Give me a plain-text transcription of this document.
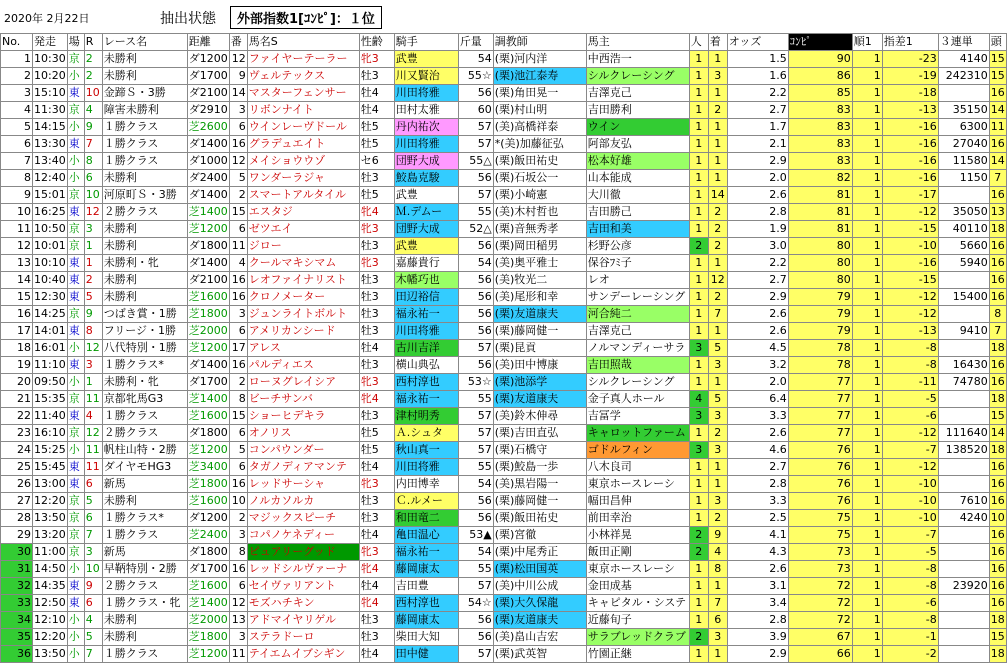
2020年 2月22日	抽出状態	外部指数1[ｺﾝﾋﾟ]：１位
No.	発走	場	R	レース名	距離	番	馬名S	性齢	騎手	斤量	調教師	馬主	人	着	オッズ	ｺﾝﾋﾟ	順1	指差1	３連単	頭
1	10:30	京	2	未勝利	ダ1200	12	ファイヤーテーラー	牝3	武豊	54	(栗)河内洋	中西浩一	1	1	1.5	90	1	-23	4140	15
2	10:20	小	2	未勝利	ダ1700	9	ヴェルテックス	牡3	川又賢治	55☆	(栗)池江泰寿	シルクレーシング	1	3	1.6	86	1	-19	242310	15
3	15:10	東	10	金蹄Ｓ・3勝	ダ2100	14	マスターフェンサー	牡4	川田将雅	56	(栗)角田晃一	吉澤克己	1	1	2.2	85	1	-18		16
4	11:30	京	4	障害未勝利	ダ2910	3	リボンナイト	牡4	田村太雅	60	(栗)村山明	吉田勝利	1	2	2.7	83	1	-13	35150	14
5	14:15	小	9	１勝クラス	芝2600	6	ウインレーヴドール	牡5	丹内祐次	57	(美)高橋祥泰	ウイン	1	1	1.7	83	1	-16	6300	11
6	13:30	東	7	１勝クラス	ダ1400	16	グラデュエイト	牡5	川田将雅	57	*(美)加藤征弘	阿部友弘	1	1	2.1	83	1	-16	27040	16
7	13:40	小	8	１勝クラス	ダ1000	12	メイショウウゾ	セ6	団野大成	55△	(栗)飯田祐史	松本好雄	1	1	2.9	83	1	-16	11580	14
8	12:40	小	6	未勝利	ダ2400	5	ワンダーラジャ	牡3	鮫島克駿	56	(栗)石坂公一	山本能成	1	1	2.0	82	1	-16	1150	7
9	15:01	京	10	河原町Ｓ・3勝	ダ1400	2	スマートアルタイル	牡5	武豊	57	(栗)小崎憲	大川徹	1	14	2.6	81	1	-17		16
10	16:25	東	12	２勝クラス	芝1400	15	エスタジ	牝4	Ｍ.デムー	55	(美)木村哲也	吉田勝己	1	2	2.8	81	1	-12	35050	13
11	10:50	京	3	未勝利	芝1200	6	ゼツエイ	牝3	団野大成	52△	(栗)音無秀孝	吉田和美	1	2	1.9	81	1	-15	40110	18
12	10:01	京	1	未勝利	ダ1800	11	ジロー	牡3	武豊	56	(栗)岡田稲男	杉野公彦	2	2	3.0	80	1	-10	5660	16
13	10:10	東	1	未勝利・牝	ダ1400	4	クールマキシマム	牝3	嘉藤貴行	54	(美)奥平雅士	保谷ﾌﾐ子	1	1	2.2	80	1	-16	5940	16
14	10:40	東	2	未勝利	ダ2100	16	レオファイナリスト	牡3	木幡巧也	56	(美)牧光二	レオ	1	12	2.7	80	1	-15		16
15	12:30	東	5	未勝利	芝1600	16	クロノメーター	牡3	田辺裕信	56	(美)尾形和幸	サンデーレーシング	1	2	2.9	79	1	-12	15400	16
16	14:25	京	9	つばき賞・1勝	芝1800	3	ジュンライトボルト	牡3	福永祐一	56	(栗)友道康夫	河合純二	1	7	2.6	79	1	-12		8
17	14:01	東	8	フリージ・1勝	芝2000	6	アメリカンシード	牡3	川田将雅	56	(栗)藤岡健一	吉澤克己	1	1	2.6	79	1	-13	9410	7
18	16:01	小	12	八代特別・1勝	芝1200	17	アレス	牡4	古川吉洋	57	(栗)昆貢	ノルマンディーサラ	3	5	4.5	78	1	-8		18
19	11:10	東	3	１勝クラス*	ダ1400	16	パルディエス	牡3	横山典弘	56	(美)田中博康	吉田照哉	1	3	3.2	78	1	-8	16430	16
20	09:50	小	1	未勝利・牝	ダ1700	2	ローヌグレイシア	牝3	西村淳也	53☆	(栗)池添学	シルクレーシング	1	1	2.0	77	1	-11	74780	16
21	15:35	京	11	京都牝馬G3	芝1400	8	ビーチサンバ	牝4	福永祐一	55	(栗)友道康夫	金子真人ホール	4	5	6.4	77	1	-5		18
22	11:40	東	4	１勝クラス	芝1600	15	ショーヒデキラ	牡3	津村明秀	57	(美)鈴木伸尋	吉冨学	3	3	3.3	77	1	-6		15
23	16:10	京	12	２勝クラス	ダ1800	6	オノリス	牡5	Ａ.シュタ	57	(栗)吉田直弘	キャロットファーム	1	2	2.6	77	1	-12	111640	14
24	15:25	小	11	帆柱山特・2勝	芝1200	5	コンパウンダー	牡5	秋山真一	57	(栗)石橋守	ゴドルフィン	3	3	4.6	76	1	-7	138520	18
25	15:45	東	11	ダイヤモHG3	芝3400	6	タガノディアマンテ	牡4	川田将雅	55	(栗)鮫島一歩	八木良司	1	1	2.7	76	1	-12		16
26	13:00	東	6	新馬	芝1800	16	レッドサーシャ	牝3	内田博幸	54	(美)黒岩陽一	東京ホースレーシ	1	1	2.8	76	1	-10		16
27	12:20	京	5	未勝利	芝1600	10	ノルカソルカ	牡3	Ｃ.ルメー	56	(栗)藤岡健一	幅田昌伸	1	3	3.3	76	1	-10	7610	16
28	13:50	京	6	１勝クラス*	ダ1200	2	マジックスピーチ	牡3	和田竜二	56	(栗)飯田祐史	前田幸治	1	2	2.5	75	1	-10	4240	10
29	13:20	京	7	１勝クラス	芝2400	3	コパノケネディー	牡4	亀田温心	53▲	(栗)宮徹	小林祥晃	2	9	4.1	75	1	-7		16
30	11:00	京	3	新馬	ダ1800	8	ピュアリーグッド	牝3	福永祐一	54	(栗)中尾秀正	飯田正剛	2	4	4.3	73	1	-5		16
31	14:50	小	10	早鞆特別・2勝	ダ1700	16	レッドシルヴァーナ	牝4	藤岡康太	55	(栗)松田国英	東京ホースレーシ	1	8	2.6	73	1	-8		16
32	14:35	東	9	２勝クラス	芝1600	6	セイヴァリアント	牡4	吉田豊	57	(美)中川公成	金田成基	1	1	3.1	72	1	-8	23920	16
33	12:50	東	6	１勝クラス・牝	芝1400	12	モズハチキン	牝4	西村淳也	54☆	(栗)大久保龍	キャピタル・システ	1	7	3.4	72	1	-6		16
34	12:10	小	4	未勝利	芝2000	13	アドマイヤリゲル	牡3	藤岡康太	56	(栗)友道康夫	近藤旬子	1	6	2.8	72	1	-8		18
35	12:20	小	5	未勝利	芝1800	3	ステラドーロ	牡3	柴田大知	56	(美)畠山吉宏	サラブレッドクラブ	2	3	3.9	67	1	-1		15
36	13:50	小	7	１勝クラス	芝1200	11	テイエムイブシギン	牡4	田中健	57	(栗)武英智	竹園正継	1	1	2.9	66	1	-2		18
